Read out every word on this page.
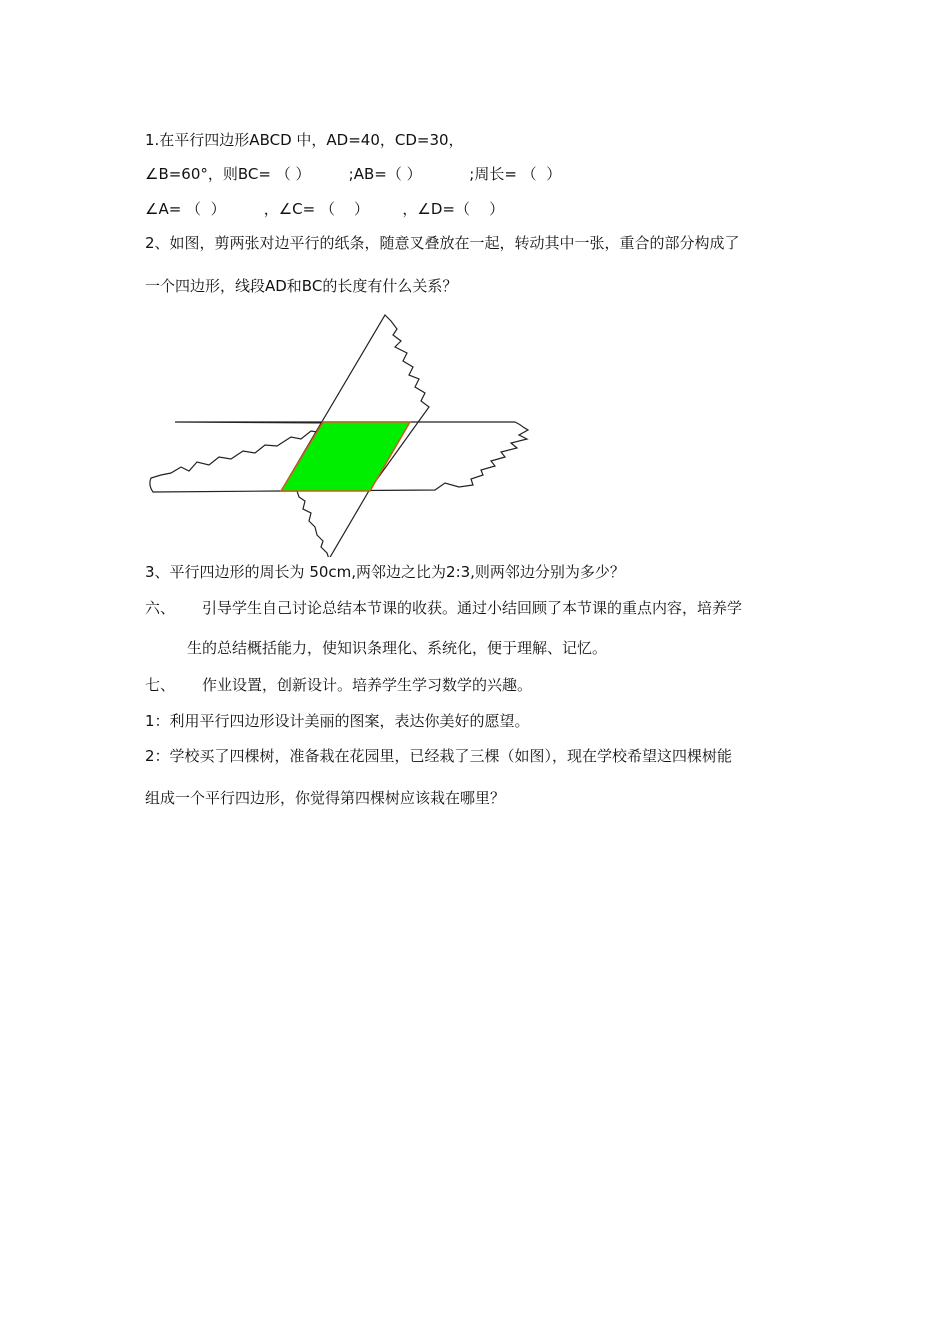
1.在平行四边形ABCD 中，AD=40，CD=30，
∠B=60°，则BC= （ ）        ;AB=（ ）          ;周长= （  ）
∠A= （  ）        ，∠C= （    ）       ，∠D=（    ）
2、如图，剪两张对边平行的纸条，随意叉叠放在一起，转动其中一张，重合的部分构成了
一个四边形，线段AD和BC的长度有什么关系？
3、平行四边形的周长为 50cm,两邻边之比为2:3,则两邻边分别为多少？
六、 引导学生自己讨论总结本节课的收获。通过小结回顾了本节课的重点内容，培养学
生的总结概括能力，使知识条理化、系统化，便于理解、记忆。
七、 作业设置，创新设计。培养学生学习数学的兴趣。
1：利用平行四边形设计美丽的图案，表达你美好的愿望。
2：学校买了四棵树，准备栽在花园里，已经栽了三棵（如图），现在学校希望这四棵树能
组成一个平行四边形，你觉得第四棵树应该栽在哪里？
